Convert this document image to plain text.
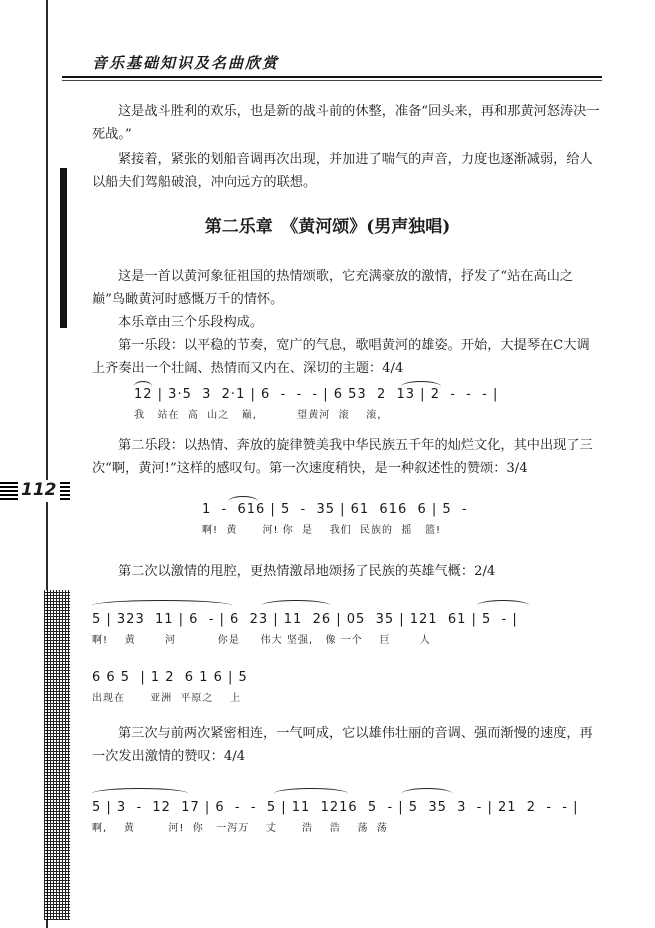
音乐基础知识及名曲欣赏
112
这是战斗胜利的欢乐，也是新的战斗前的休整，准备“回头来，再和那黄河怒涛决一死战。”
紧接着，紧张的划船音调再次出现，并加进了喘气的声音，力度也逐渐减弱，给人以船夫们驾船破浪，冲向远方的联想。
第二乐章　《黄河颂》(男声独唱)
这是一首以黄河象征祖国的热情颂歌，它充满豪放的激情，抒发了“站在高山之巅”鸟瞰黄河时感慨万千的情怀。
本乐章由三个乐段构成。
第一乐段：以平稳的节奏，宽广的气息，歌唱黄河的雄姿。开始，大提琴在C大调上齐奏出一个壮阔、热情而又内在、深切的主题：4/4
12 | 3·5  3  2·1 | 6  -  -  - | 6 53  2  13 | 2  -  -  - |
我   站在  高  山之   巅，        望黄河  滚    滚，
第二乐段：以热情、奔放的旋律赞美我中华民族五千年的灿烂文化，其中出现了三次“啊，黄河!”这样的感叹句。第一次速度稍快，是一种叙述性的赞颂：3/4
1  -  616 | 5  -  35 | 61  616  6 | 5  -
啊!  黄      河! 你  是    我们  民族的  摇   篮!
第二次以激情的甩腔，更热情激昂地颂扬了民族的英雄气概：2/4
5 | 323  11 | 6  - | 6  23 | 11  26 | 05  35 | 121  61 | 5  - |
啊!    黄       河          你是     伟大 坚强,   像 一个    巨       人
6 6 5  | 1 2  6 1 6 | 5
出现在      亚洲  平原之    上
第三次与前两次紧密相连，一气呵成，它以雄伟壮丽的音调、强而渐慢的速度，再一次发出激情的赞叹：4/4
5 | 3  -  12  17 | 6  -  -  5 | 11  1216  5  - | 5  35  3  - | 21  2  -  - |
啊,    黄        河!  你   一泻万    丈      浩    浩    荡  荡
